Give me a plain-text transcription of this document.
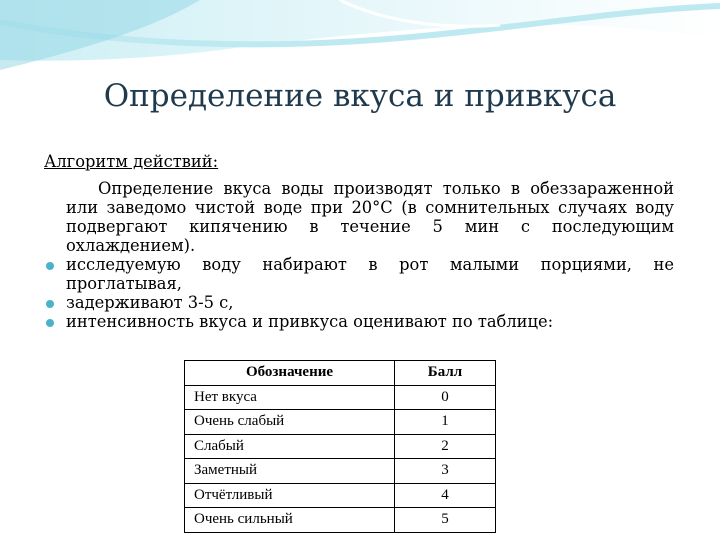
Определение вкуса и привкуса
Алгоритм действий:
Определение вкуса воды производят только в обеззараженной или заведомо чистой воде при 20°С (в сомнительных случаях воду подвергают кипячению в течение 5 мин с последующим охлаждением).
исследуемую воду набирают в рот малыми порциями, не проглатывая,
задерживают 3-5 с,
интенсивность вкуса и привкуса оценивают по таблице:
Обозначение	Балл
Нет вкуса	0
Очень слабый	1
Слабый	2
Заметный	3
Отчётливый	4
Очень сильный	5
